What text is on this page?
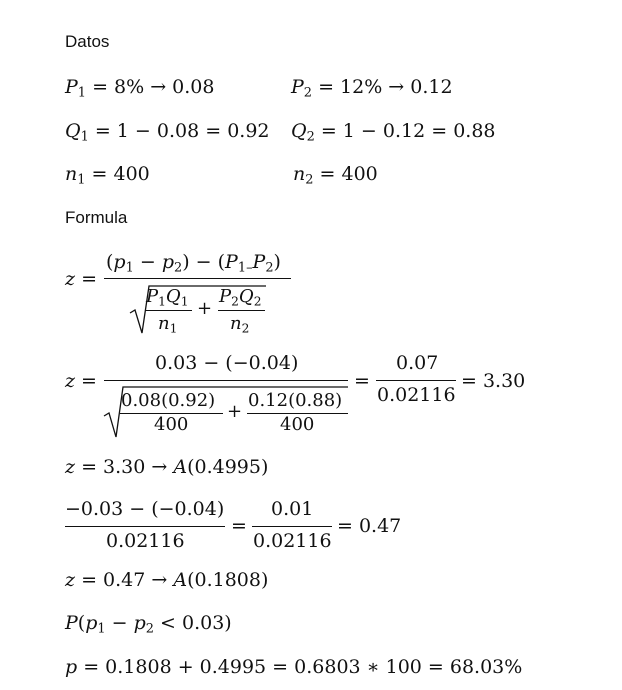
Datos
$P_1 = 8\% \to 0.08$	$P_2 = 12\% \to 0.12$
$Q_1 = 1 - 0.08 = 0.92$ $Q_2 = 1 - 0.12 = 0.88$
$n_1 = 400$	$n_2 = 400$
Formula
z =
$(p_1 - p_2) - (P_{1-}P_2)$
$P_1Q_1$
$n_1$
+
$P_2Q_2$
$n_2$
z =
0.03 − (−0.04)
0.08(0.92)
400
+
0.12(0.88)
400
=
0.07
0.02116
= 3.30
z = 3.30 → A(0.4995)
−0.03 − (−0.04)
0.02116
=
0.01
0.02116
= 0.47
z = 0.47 → A(0.1808)
$P(p_1 - p_2 < 0.03)$
p = 0.1808 + 0.4995 = 0.6803 ∗ 100 = 68.03%
